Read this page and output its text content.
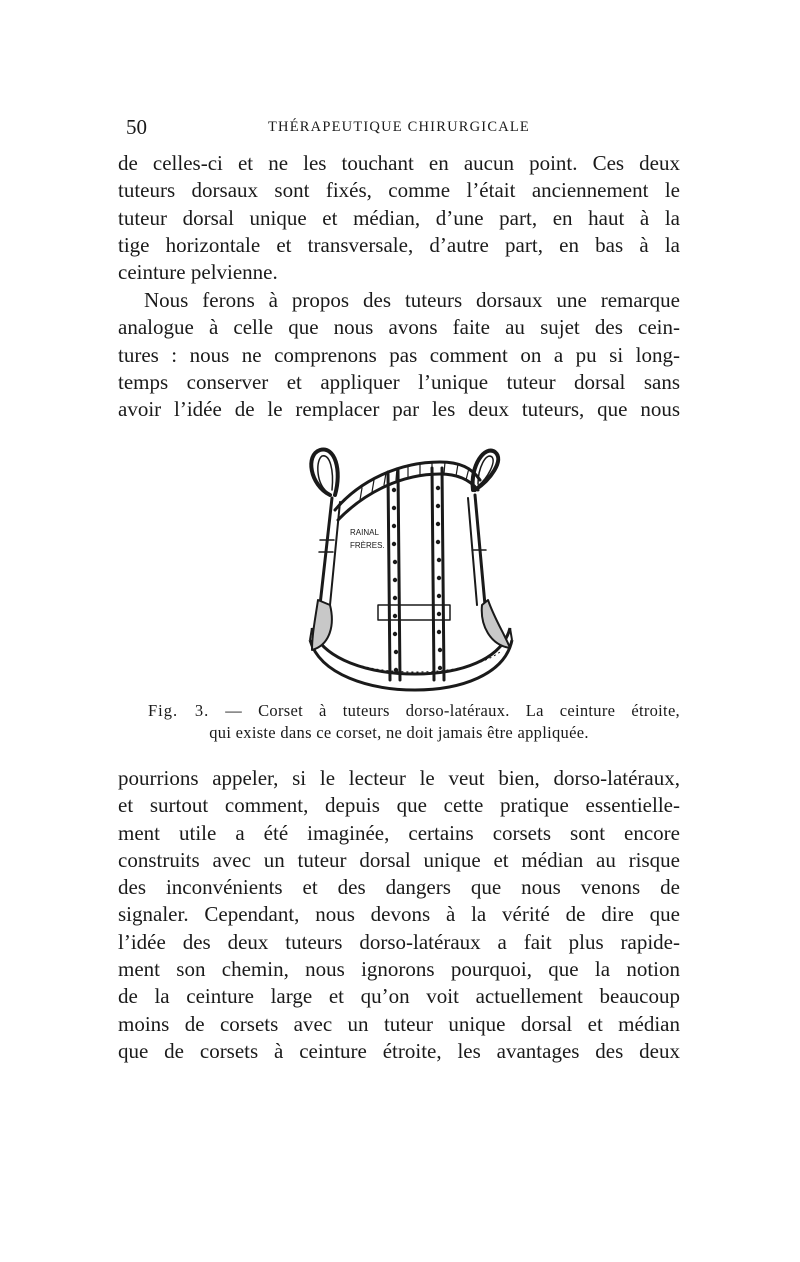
50	THÉRAPEUTIQUE CHIRURGICALE
de celles-ci et ne les touchant en aucun point. Ces deux
tuteurs dorsaux sont fixés, comme l’était anciennement le
tuteur dorsal unique et médian, d’une part, en haut à la
tige horizontale et transversale, d’autre part, en bas à la
ceinture pelvienne.
Nous ferons à propos des tuteurs dorsaux une remarque
analogue à celle que nous avons faite au sujet des cein-
tures : nous ne comprenons pas comment on a pu si long-
temps conserver et appliquer l’unique tuteur dorsal sans
avoir l’idée de le remplacer par les deux tuteurs, que nous
RAINAL
FRÈRES.
Fig. 3. — Corset à tuteurs dorso-latéraux. La ceinture étroite,
qui existe dans ce corset, ne doit jamais être appliquée.
pourrions appeler, si le lecteur le veut bien, dorso-latéraux,
et surtout comment, depuis que cette pratique essentielle-
ment utile a été imaginée, certains corsets sont encore
construits avec un tuteur dorsal unique et médian au risque
des inconvénients et des dangers que nous venons de
signaler. Cependant, nous devons à la vérité de dire que
l’idée des deux tuteurs dorso-latéraux a fait plus rapide-
ment son chemin, nous ignorons pourquoi, que la notion
de la ceinture large et qu’on voit actuellement beaucoup
moins de corsets avec un tuteur unique dorsal et médian
que de corsets à ceinture étroite, les avantages des deux
